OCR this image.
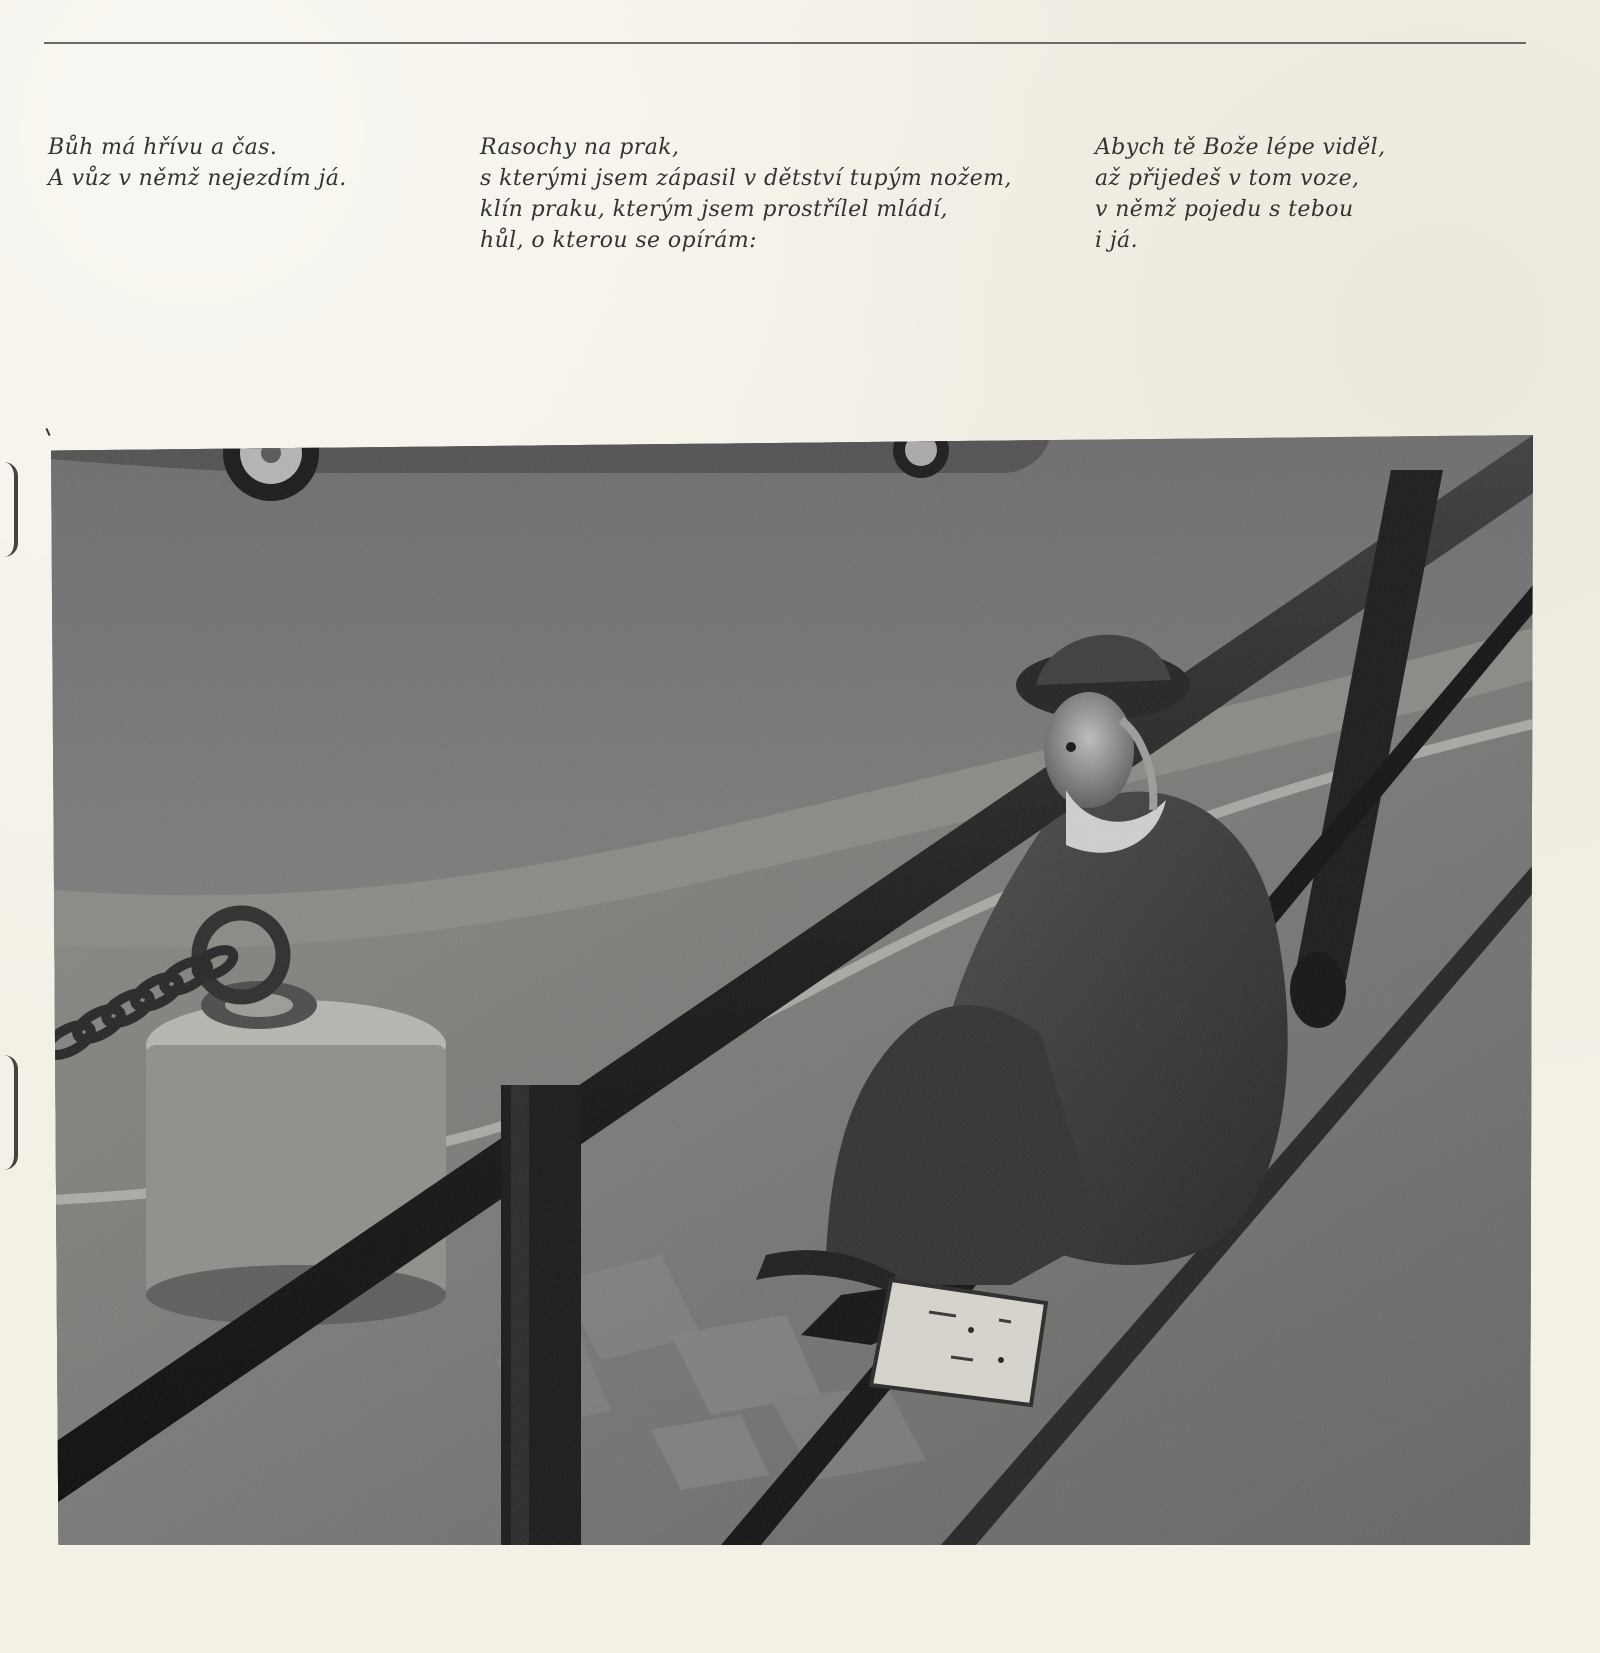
Bůh má hřívu a čas.
A vůz v němž nejezdím já.
Rasochy na prak,
s kterými jsem zápasil v dětství tupým nožem,
klín praku, kterým jsem prostřílel mládí,
hůl, o kterou se opírám:
Abych tě Bože lépe viděl,
až přijedeš v tom voze,
v němž pojedu s tebou
i já.
